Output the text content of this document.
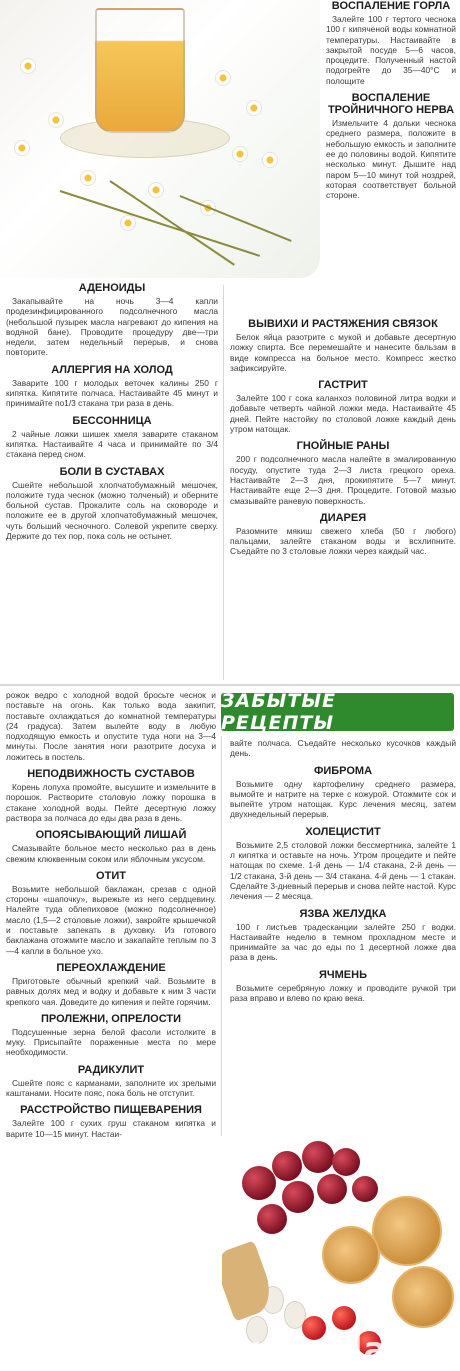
ВОСПАЛЕНИЕ ГОРЛА
Залейте 100 г тертого чеснока 100 г кипяченой воды комнатной температуры. Настаивайте в закрытой посуде 5—6 часов, процедите. Полученный настой подогрейте до 35—40°С и полощите
ВОСПАЛЕНИЕ ТРОЙНИЧНОГО НЕРВА
Измельчите 4 дольки чеснока среднего размера, положите в небольшую емкость и заполните ее до половины водой. Кипятите несколько минут. Дышите над паром 5—10 минут той ноздрей, которая соответствует больной стороне.
АДЕНОИДЫ
Закапывайте на ночь 3—4 капли продезинфицированного подсолнечного масла (небольшой пузырек масла нагревают до кипения на водяной бане). Проводите процедуру две—три недели, затем недельный перерыв, и снова повторите.
АЛЛЕРГИЯ НА ХОЛОД
Заварите 100 г молодых веточек калины 250 г кипятка. Кипятите полчаса. Настаивайте 45 минут и принимайте по1/3 стакана три раза в день.
БЕССОННИЦА
2 чайные ложки шишек хмеля заварите стаканом кипятка. Настаивайте 4 часа и принимайте по 3/4 стакана перед сном.
БОЛИ В СУСТАВАХ
Сшейте небольшой хлопчатобумажный мешочек, положите туда чеснок (можно толченый) и оберните больной сустав. Прокалите соль на сковороде и положите ее в другой хлопчатобумажный мешочек, чуть больший чесночного. Солевой укрепите сверху. Держите до тех пор, пока соль не остынет.
ВЫВИХИ И РАСТЯЖЕНИЯ СВЯЗОК
Белок яйца разотрите с мукой и добавьте десертную ложку спирта. Все перемешайте и нанесите бальзам в виде компресса на больное место. Компресс жестко зафиксируйте.
ГАСТРИТ
Залейте 100 г сока каланхоэ половиной литра водки и добавьте четверть чайной ложки меда. Настаивайте 45 дней. Пейте настойку по столовой ложке каждый день утром натощак.
ГНОЙНЫЕ РАНЫ
200 г подсолнечного масла налейте в эмалированную посуду, опустите туда 2—3 листа грецкого ореха. Настаивайте 2—3 дня, прокипятите 5—7 минут. Настаивайте еще 2—3 дня. Процедите. Готовой мазью смазывайте раневую поверхность.
ДИАРЕЯ
Разомните мякиш свежего хлеба (50 г любого) пальцами, залейте стаканом воды и всхлипните. Съедайте по 3 столовые ложки через каждый час.
ЗАБЫТЫЕ РЕЦЕПТЫ
рожок ведро с холодной водой бросьте чеснок и поставьте на огонь. Как только вода закипит, поставьте охлаждаться до комнатной температуры (24 градуса). Затем вылейте воду в любую подходящую емкость и опустите туда ноги на 3—4 минуты. После занятия ноги разотрите досуха и ложитесь в постель.
НЕПОДВИЖНОСТЬ СУСТАВОВ
Корень лопуха промойте, высушите и измельчите в порошок. Растворите столовую ложку порошка в стакане холодной воды. Пейте десертную ложку раствора за полчаса до еды два раза в день.
ОПОЯСЫВАЮЩИЙ ЛИШАЙ
Смазывайте больное место несколько раз в день свежим клюквенным соком или яблочным уксусом.
ОТИТ
Возьмите небольшой баклажан, срезав с одной стороны «шапочку», вырежьте из него сердцевину. Налейте туда облепиховое (можно подсолнечное) масло (1,5—2 столовые ложки), закройте крышечкой и поставьте запекать в духовку. Из готового баклажана отожмите масло и закапайте теплым по 3—4 капли в больное ухо.
ПЕРЕОХЛАЖДЕНИЕ
Приготовьте обычный крепкий чай. Возьмите в равных долях мед и водку и добавьте к ним 3 части крепкого чая. Доведите до кипения и пейте горячим.
ПРОЛЕЖНИ, ОПРЕЛОСТИ
Подсушенные зерна белой фасоли истолките в муку. Присыпайте пораженные места по мере необходимости.
РАДИКУЛИТ
Сшейте пояс с карманами, заполните их зрелыми каштанами. Носите пояс, пока боль не отступит.
РАССТРОЙСТВО ПИЩЕВАРЕНИЯ
Залейте 100 г сухих груш стаканом кипятка и варите 10—15 минут. Настаи-
вайте полчаса. Съедайте несколько кусочков каждый день.
ФИБРОМА
Возьмите одну картофелину среднего размера, вымойте и натрите на терке с кожурой. Отожмите сок и выпейте утром натощак. Курс лечения месяц, затем двухнедельный перерыв.
ХОЛЕЦИСТИТ
Возьмите 2,5 столовой ложки бессмертника, залейте 1 л кипятка и оставьте на ночь. Утром процедите и пейте натощак по схеме. 1-й день — 1/4 стакана, 2-й день — 1/2 стакана, 3-й день — 3/4 стакана. 4-й день — 1 стакан. Сделайте 3-дневный перерыв и снова пейте настой. Курс лечения — 2 месяца.
ЯЗВА ЖЕЛУДКА
100 г листьев традесканции залейте 250 г водки. Настаивайте неделю в темном прохладном месте и принимайте за час до еды по 1 десертной ложке два раза в день.
ЯЧМЕНЬ
Возьмите серебряную ложку и проводите ручкой три раза вправо и влево по краю века.
postila.ru
